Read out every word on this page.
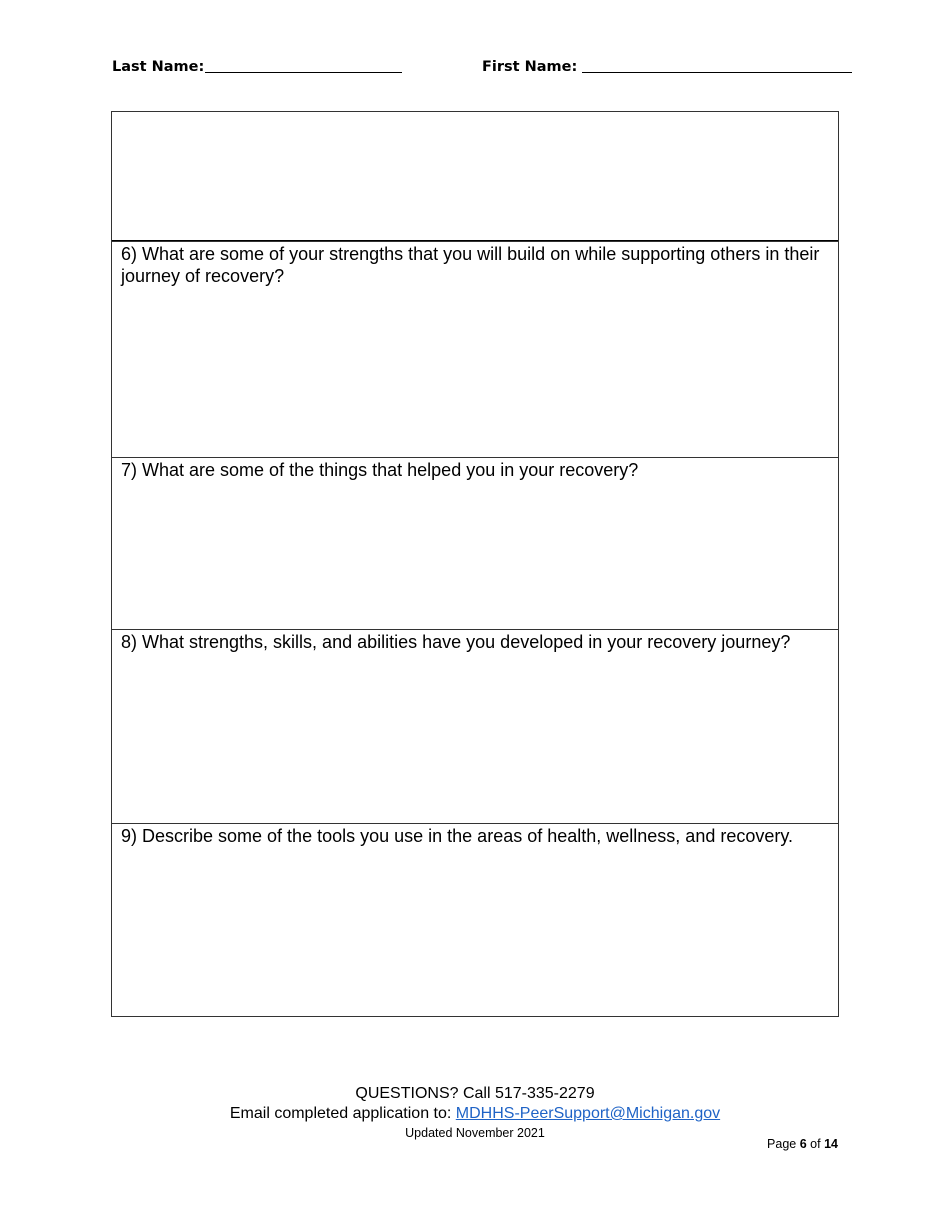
Last Name:	First Name:
6) What are some of your strengths that you will build on while supporting others in their journey of recovery?
7) What are some of the things that helped you in your recovery?
8) What strengths, skills, and abilities have you developed in your recovery journey?
9) Describe some of the tools you use in the areas of health, wellness, and recovery.
QUESTIONS? Call 517-335-2279
Email completed application to: MDHHS-PeerSupport@Michigan.gov
Updated November 2021
Page 6 of 14
